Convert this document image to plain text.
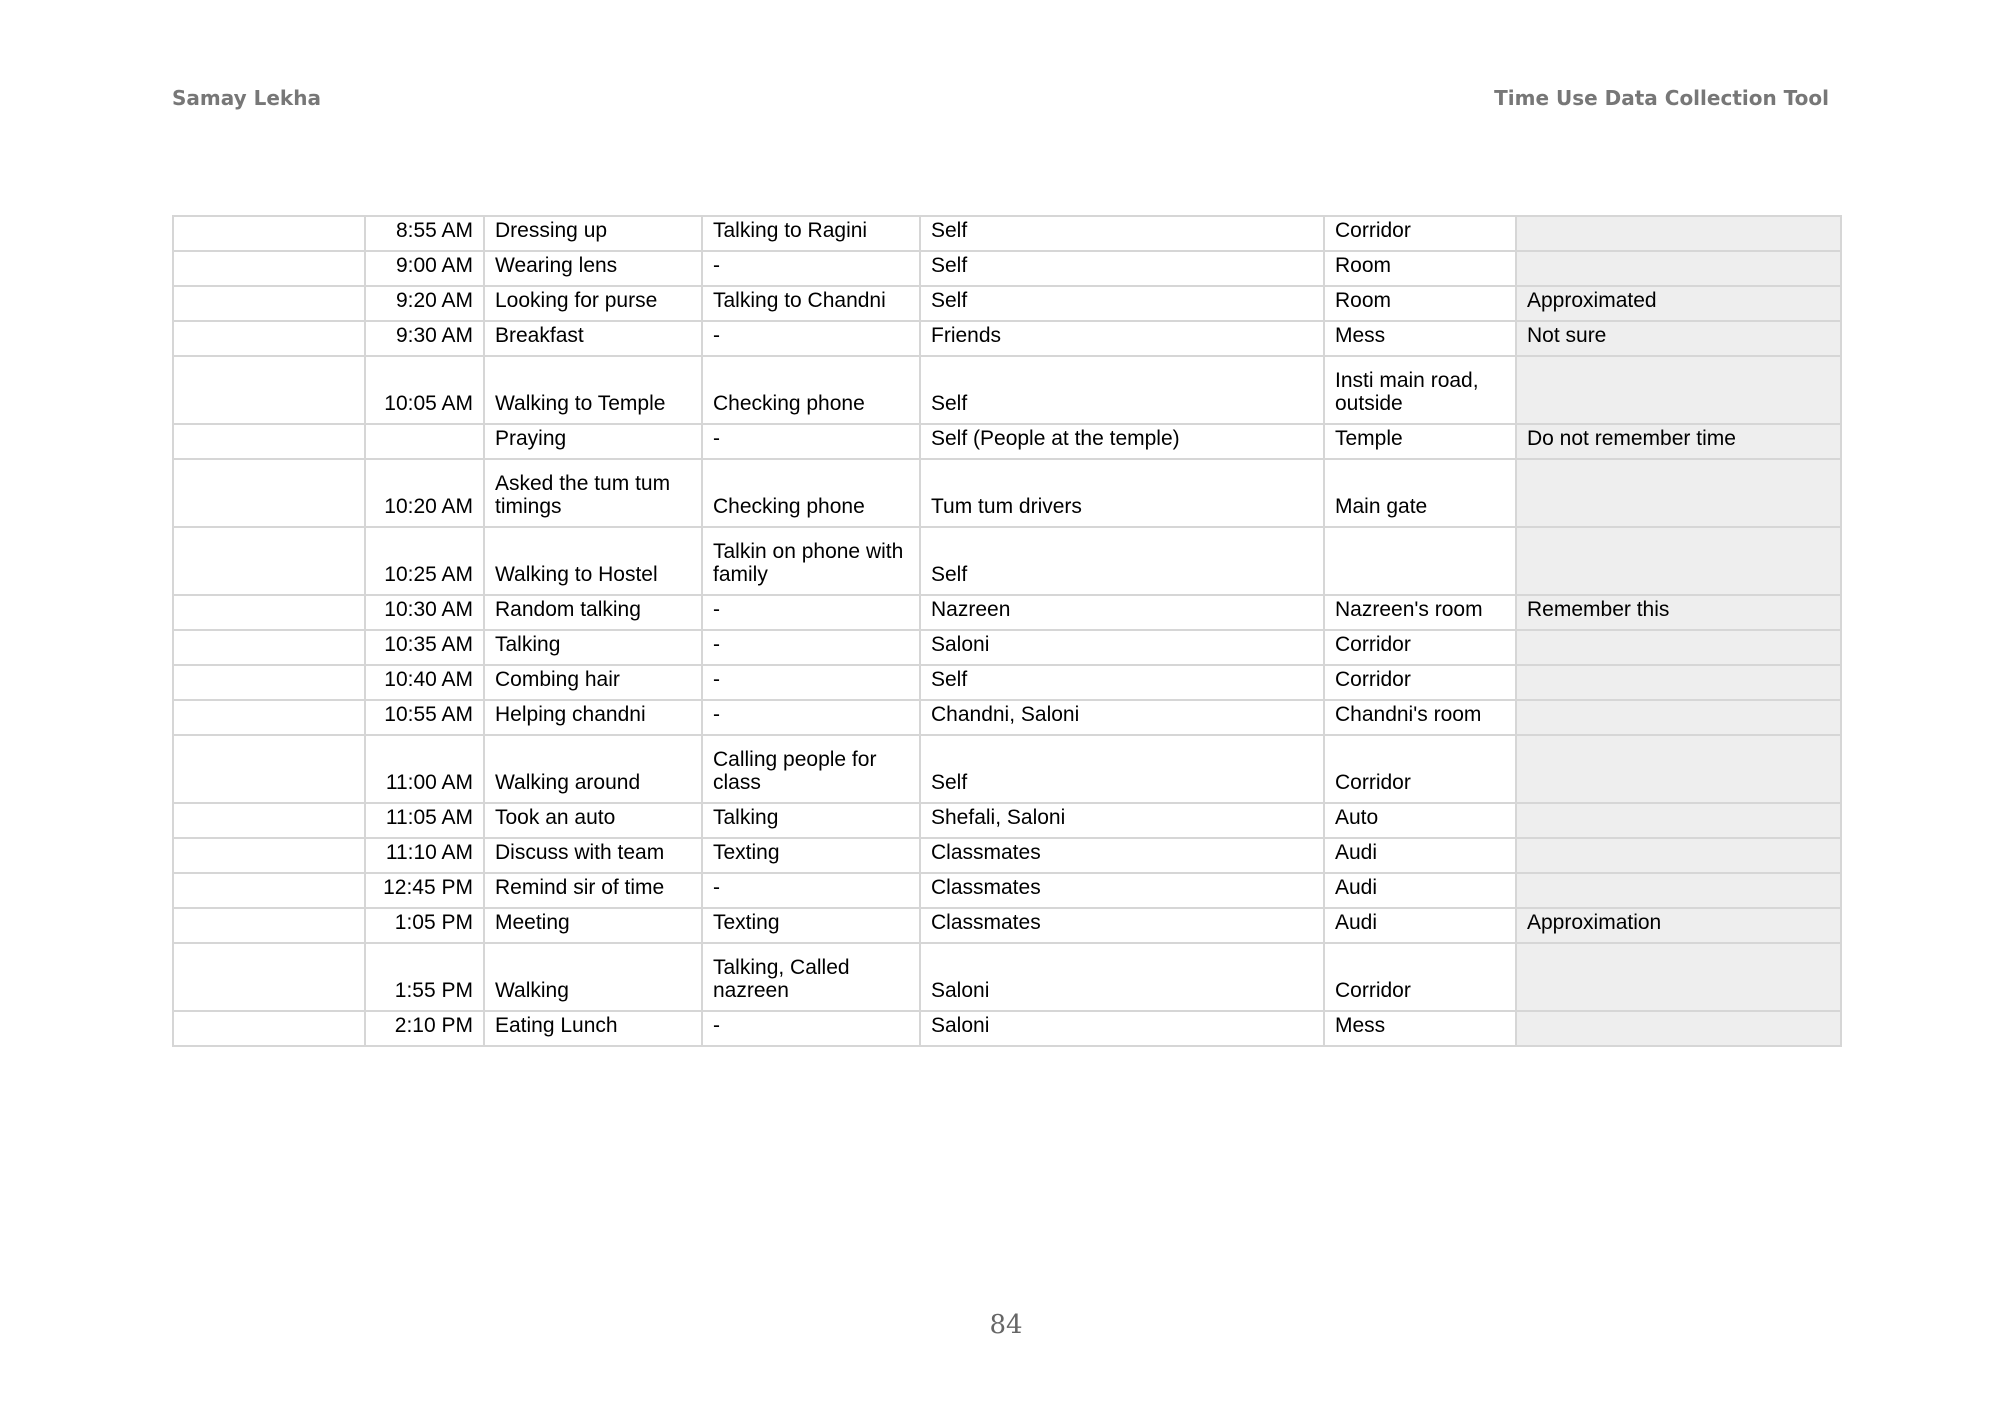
Samay Lekha	Time Use Data Collection Tool
	8:55 AM	Dressing up	Talking to Ragini	Self	Corridor	
	9:00 AM	Wearing lens	-	Self	Room	
	9:20 AM	Looking for purse	Talking to Chandni	Self	Room	Approximated
	9:30 AM	Breakfast	-	Friends	Mess	Not sure
	10:05 AM	Walking to Temple	Checking phone	Self	Insti main road, outside	
		Praying	-	Self (People at the temple)	Temple	Do not remember time
	10:20 AM	Asked the tum tum timings	Checking phone	Tum tum drivers	Main gate	
	10:25 AM	Walking to Hostel	Talkin on phone with family	Self		
	10:30 AM	Random talking	-	Nazreen	Nazreen's room	Remember this
	10:35 AM	Talking	-	Saloni	Corridor	
	10:40 AM	Combing hair	-	Self	Corridor	
	10:55 AM	Helping chandni	-	Chandni, Saloni	Chandni's room	
	11:00 AM	Walking around	Calling people for class	Self	Corridor	
	11:05 AM	Took an auto	Talking	Shefali, Saloni	Auto	
	11:10 AM	Discuss with team	Texting	Classmates	Audi	
	12:45 PM	Remind sir of time	-	Classmates	Audi	
	1:05 PM	Meeting	Texting	Classmates	Audi	Approximation
	1:55 PM	Walking	Talking, Called nazreen	Saloni	Corridor	
	2:10 PM	Eating Lunch	-	Saloni	Mess	
84
